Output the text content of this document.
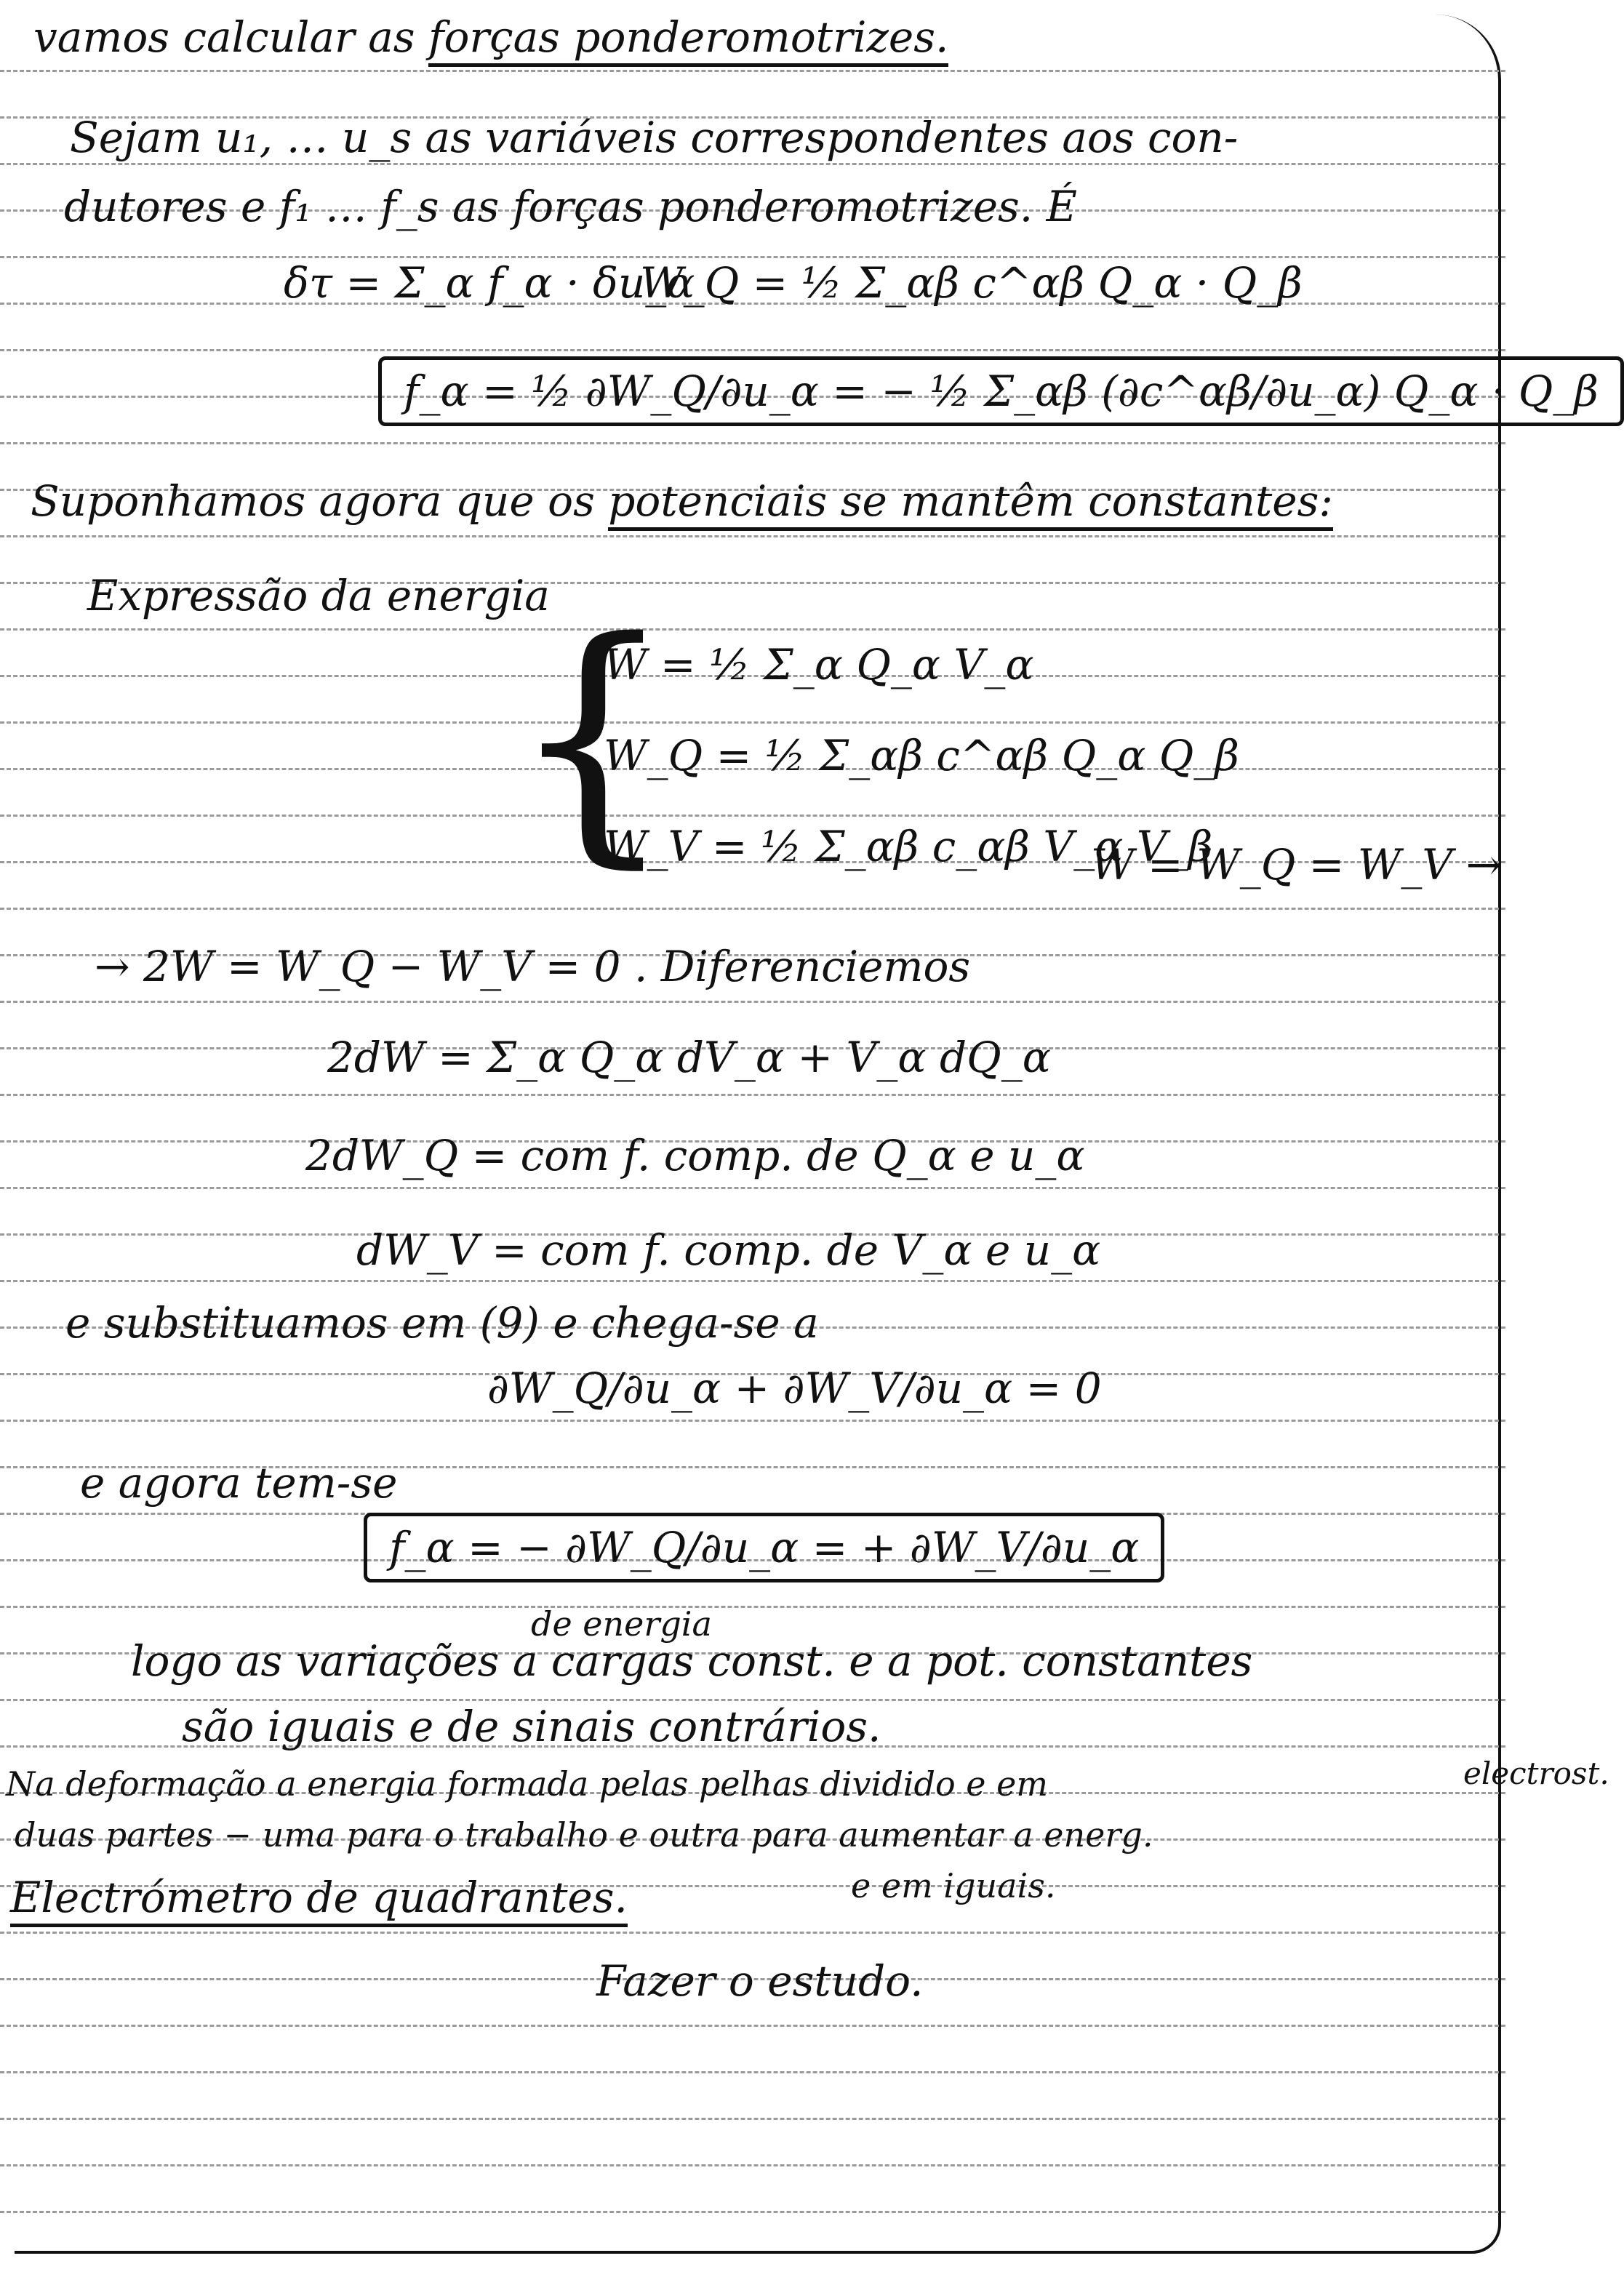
vamos calcular as forças ponderomotrizes.
Sejam u₁, … u_s as variáveis correspondentes aos con-
dutores e f₁ … f_s as forças ponderomotrizes. É
δτ = Σ_α f_α · δu_α
W_Q = ½ Σ_αβ c^αβ Q_α · Q_β
f_α = ½ ∂W_Q/∂u_α = − ½ Σ_αβ (∂c^αβ/∂u_α) Q_α · Q_β
Suponhamos agora que os potenciais se mantêm constantes:
Expressão da energia
{
W = ½ Σ_α Q_α V_α
W_Q = ½ Σ_αβ c^αβ Q_α Q_β
W_V = ½ Σ_αβ c_αβ V_α V_β
W = W_Q = W_V →
→ 2W = W_Q − W_V = 0 . Diferenciemos
2dW = Σ_α Q_α dV_α + V_α dQ_α
2dW_Q = com f. comp. de Q_α e u_α
dW_V = com f. comp. de V_α e u_α
e substituamos em (9) e chega-se a
∂W_Q/∂u_α + ∂W_V/∂u_α = 0
e agora tem-se
f_α = − ∂W_Q/∂u_α = + ∂W_V/∂u_α
logo as variações a cargas const. e a pot. constantes
de energia
são iguais e de sinais contrários.
Na deformação a energia formada pelas pelhas dividido e em	electrost.
duas partes − uma para o trabalho e outra para aumentar a energ.
Electrómetro de quadrantes.	e em iguais.
Fazer o estudo.
